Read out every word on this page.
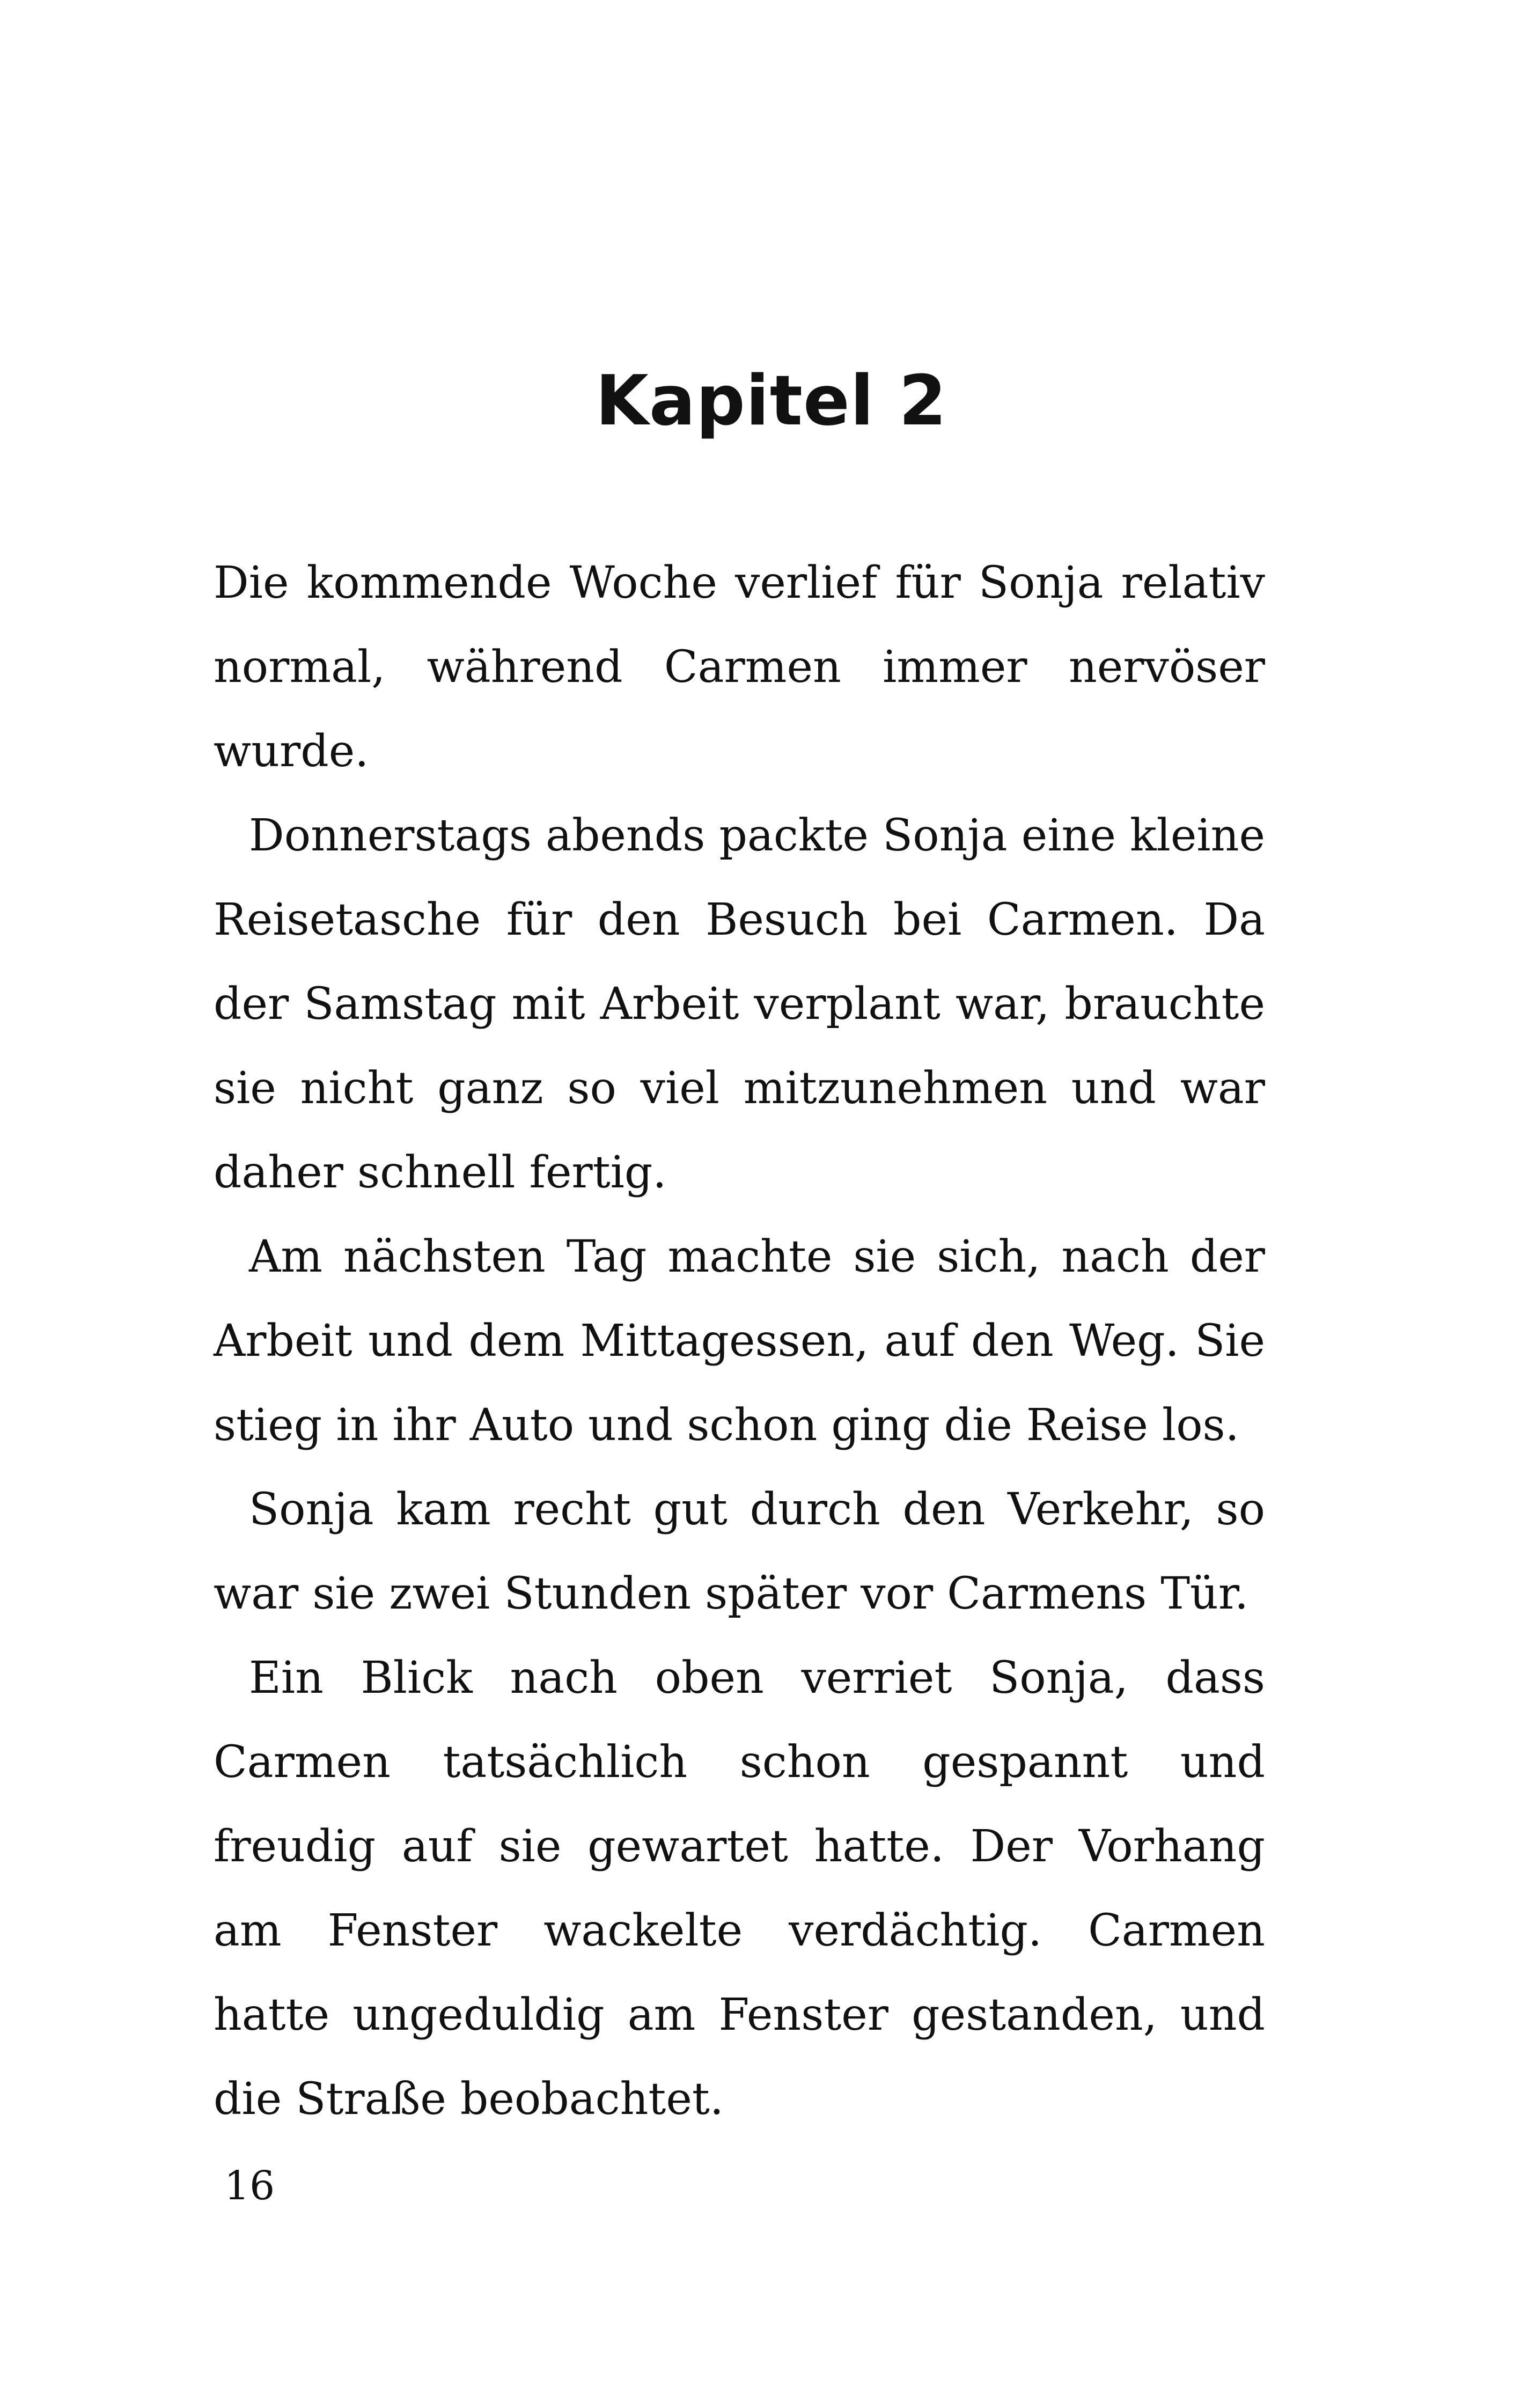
Kapitel 2

Die kommende Woche verlief für Sonja relativ normal, während Carmen immer nervöser wurde.

Donnerstags abends packte Sonja eine kleine Reisetasche für den Besuch bei Carmen. Da der Samstag mit Arbeit verplant war, brauchte sie nicht ganz so viel mitzunehmen und war daher schnell fertig.

Am nächsten Tag machte sie sich, nach der Arbeit und dem Mittagessen, auf den Weg. Sie stieg in ihr Auto und schon ging die Reise los.

Sonja kam recht gut durch den Verkehr, so war sie zwei Stunden später vor Carmens Tür.

Ein Blick nach oben verriet Sonja, dass Carmen tatsächlich schon gespannt und freudig auf sie gewartet hatte. Der Vorhang am Fenster wackelte verdächtig. Carmen hatte ungeduldig am Fenster gestanden, und die Straße beobachtet.

16
